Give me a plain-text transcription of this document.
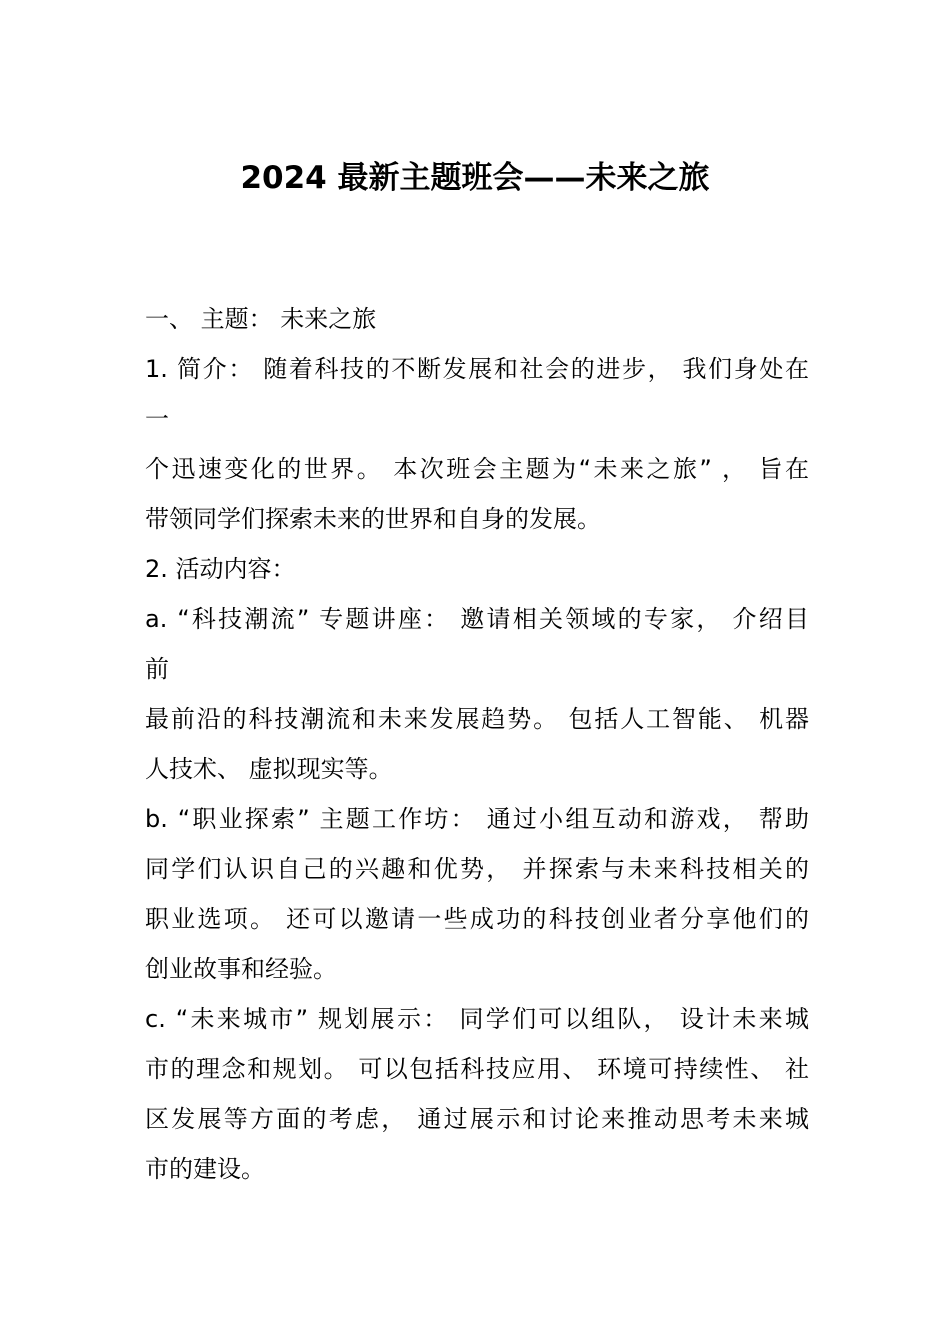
2024 最新主题班会——未来之旅
一、 主题： 未来之旅
1. 简介： 随着科技的不断发展和社会的进步， 我们身处在
一
个迅速变化的世界。 本次班会主题为“未来之旅” ， 旨在
带领同学们探索未来的世界和自身的发展。
2. 活动内容：
a. “科技潮流” 专题讲座： 邀请相关领域的专家， 介绍目
前
最前沿的科技潮流和未来发展趋势。 包括人工智能、 机器
人技术、 虚拟现实等。
b. “职业探索” 主题工作坊： 通过小组互动和游戏， 帮助
同学们认识自己的兴趣和优势， 并探索与未来科技相关的
职业选项。 还可以邀请一些成功的科技创业者分享他们的
创业故事和经验。
c. “未来城市” 规划展示： 同学们可以组队， 设计未来城
市的理念和规划。 可以包括科技应用、 环境可持续性、 社
区发展等方面的考虑， 通过展示和讨论来推动思考未来城
市的建设。
